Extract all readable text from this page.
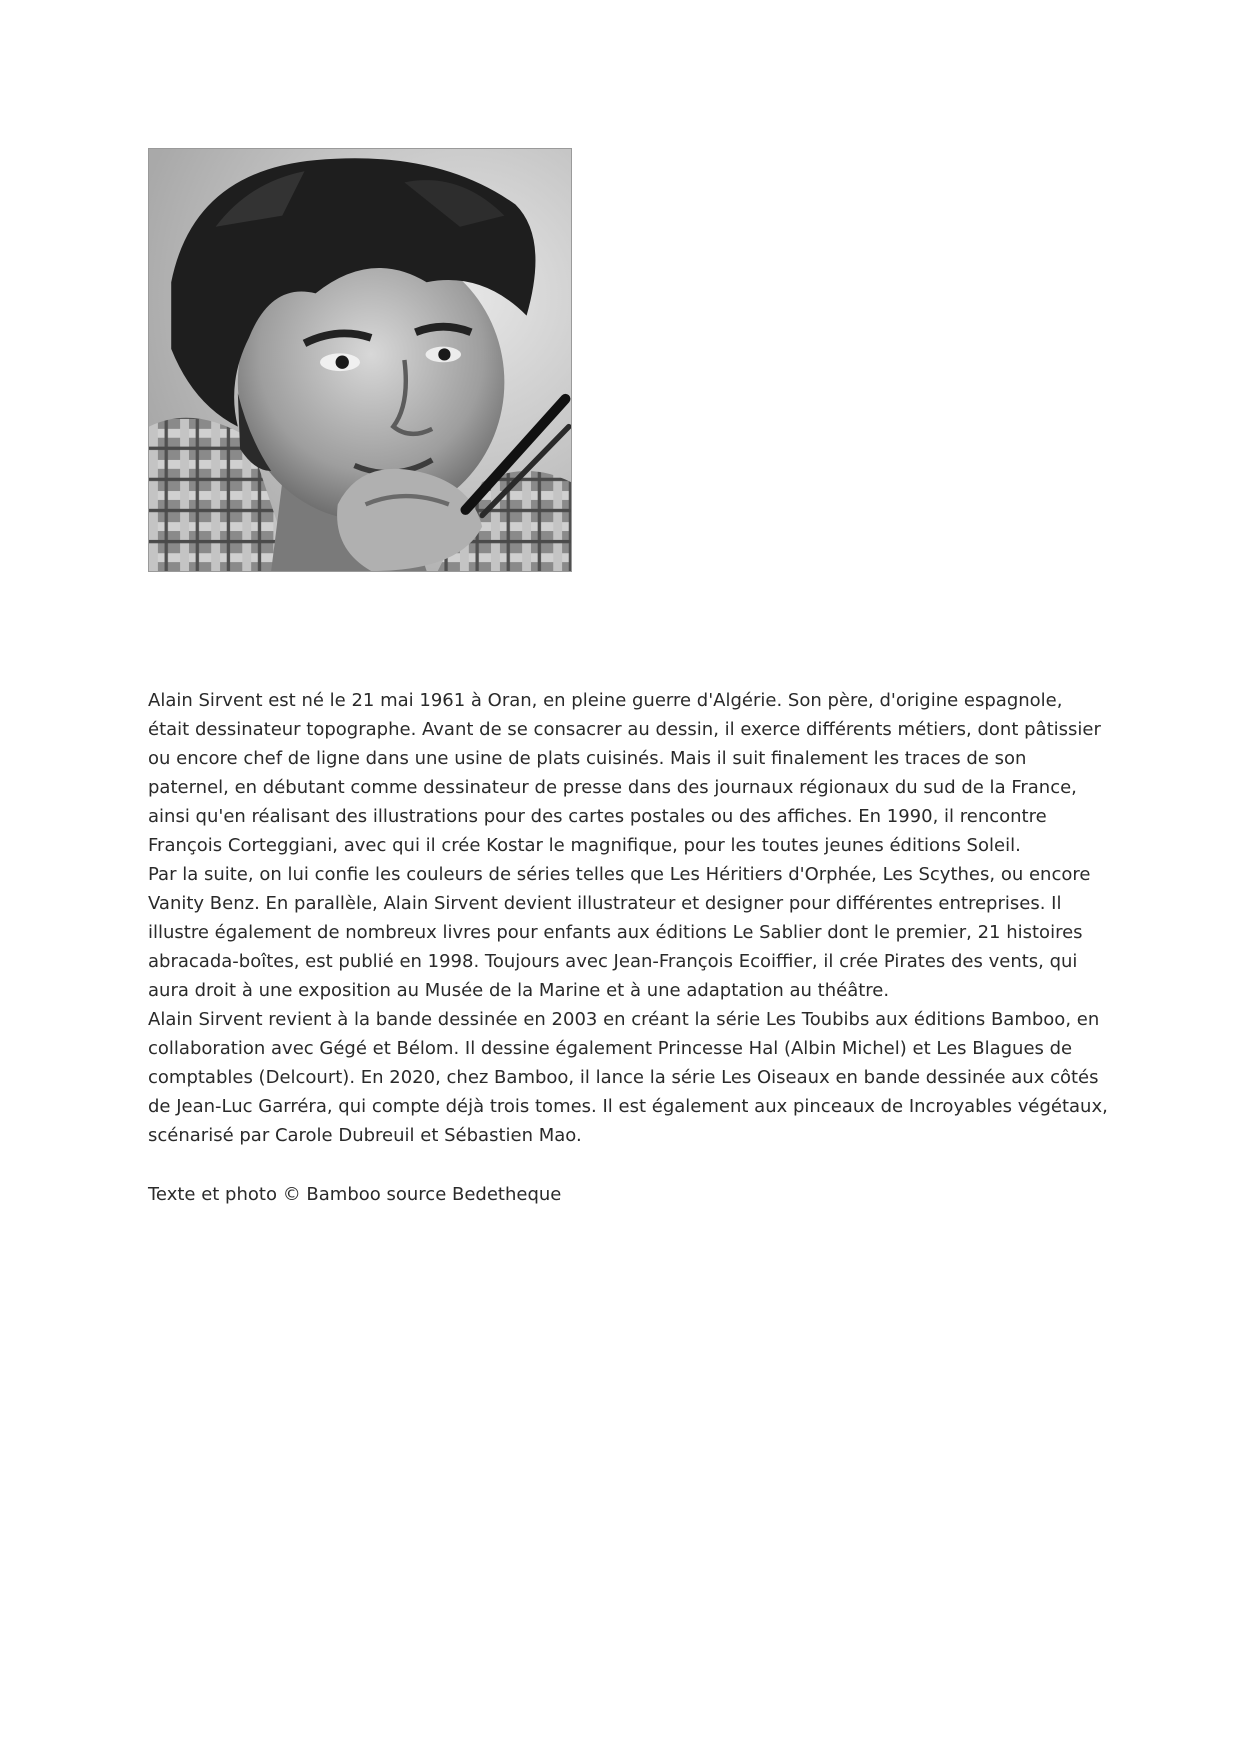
Alain Sirvent est né le 21 mai 1961 à Oran, en pleine guerre d'Algérie. Son père, d'origine espagnole, était dessinateur topographe. Avant de se consacrer au dessin, il exerce différents métiers, dont pâtissier ou encore chef de ligne dans une usine de plats cuisinés. Mais il suit finalement les traces de son paternel, en débutant comme dessinateur de presse dans des journaux régionaux du sud de la France, ainsi qu'en réalisant des illustrations pour des cartes postales ou des affiches. En 1990, il rencontre François Corteggiani, avec qui il crée Kostar le magnifique, pour les toutes jeunes éditions Soleil.

Par la suite, on lui confie les couleurs de séries telles que Les Héritiers d'Orphée, Les Scythes, ou encore Vanity Benz. En parallèle, Alain Sirvent devient illustrateur et designer pour différentes entreprises. Il illustre également de nombreux livres pour enfants aux éditions Le Sablier dont le premier, 21 histoires abracada-boîtes, est publié en 1998. Toujours avec Jean-François Ecoiffier, il crée Pirates des vents, qui aura droit à une exposition au Musée de la Marine et à une adaptation au théâtre.

Alain Sirvent revient à la bande dessinée en 2003 en créant la série Les Toubibs aux éditions Bamboo, en collaboration avec Gégé et Bélom. Il dessine également Princesse Hal (Albin Michel) et Les Blagues de comptables (Delcourt). En 2020, chez Bamboo, il lance la série Les Oiseaux en bande dessinée aux côtés de Jean-Luc Garréra, qui compte déjà trois tomes. Il est également aux pinceaux de Incroyables végétaux, scénarisé par Carole Dubreuil et Sébastien Mao.

Texte et photo © Bamboo source Bedetheque
